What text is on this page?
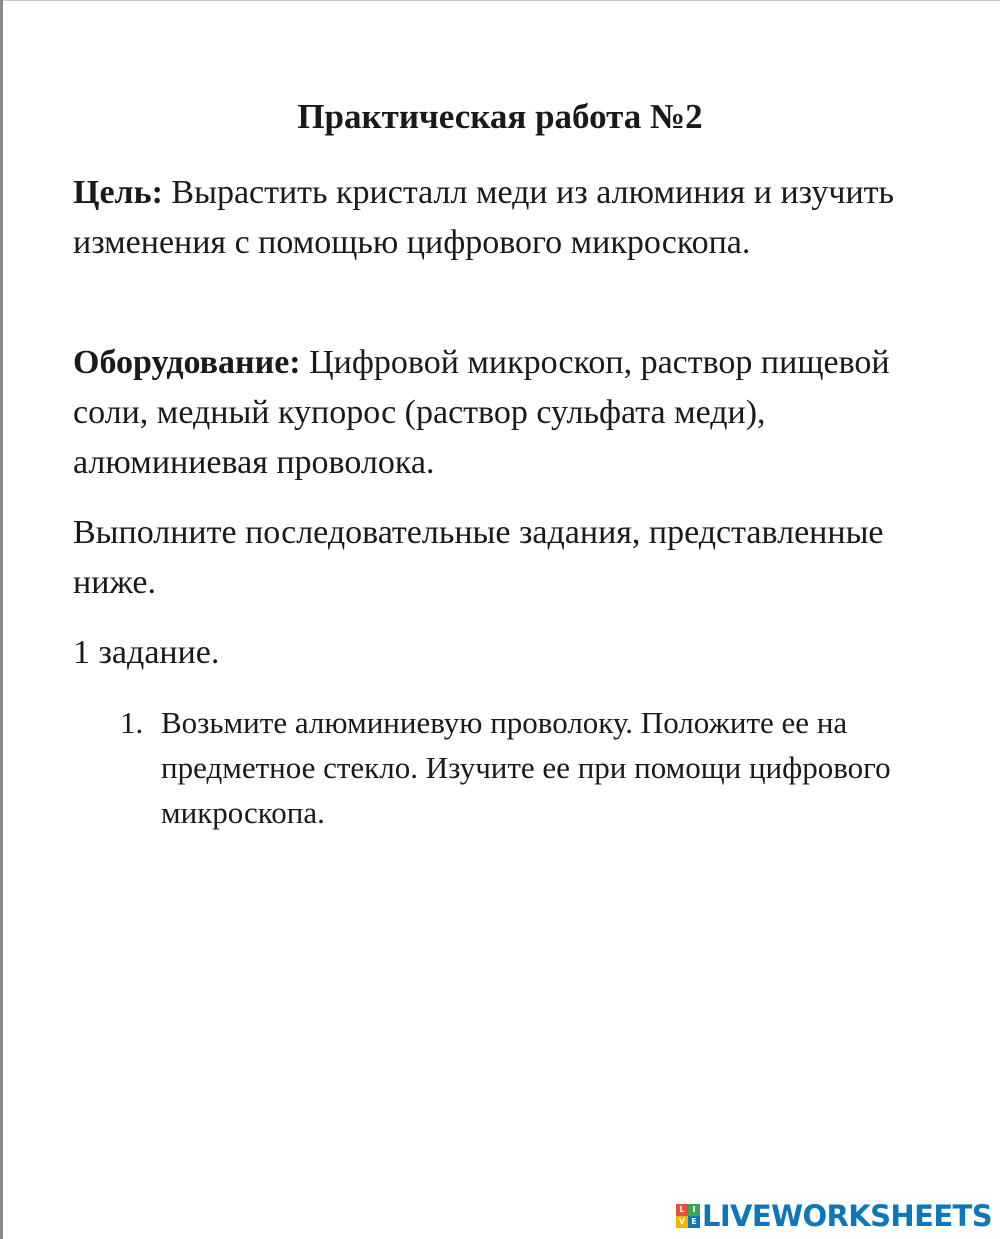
Практическая работа №2
Цель: Вырастить кристалл меди из алюминия и изучить изменения с помощью цифрового микроскопа.
Оборудование: Цифровой микроскоп, раствор пищевой соли, медный купорос (раствор сульфата меди), алюминиевая проволока.
Выполните последовательные задания, представленные ниже.
1 задание.
1. Возьмите алюминиевую проволоку. Положите ее на предметное стекло. Изучите ее при помощи цифрового микроскопа.
L I
V E LIVEWORKSHEETS
